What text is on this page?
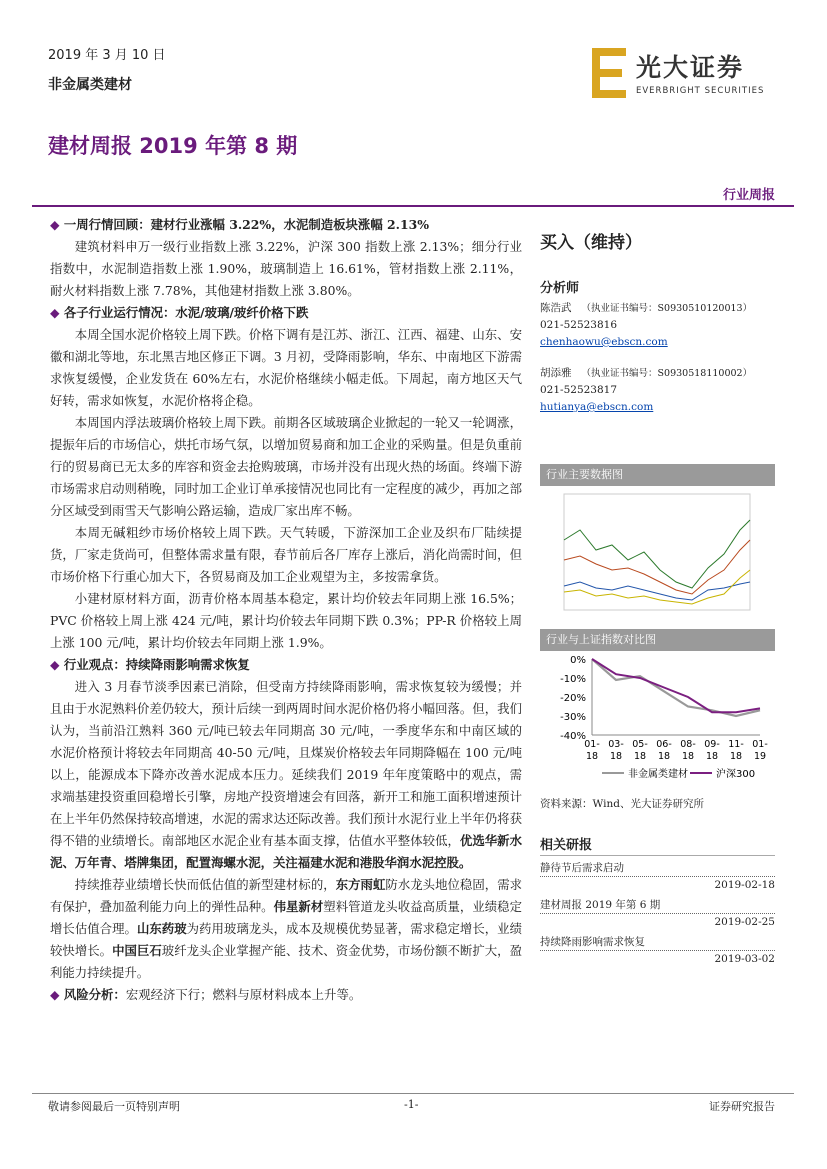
2019 年 3 月 10 日
非金属类建材
建材周报 2019 年第 8 期
光大证券
EVERBRIGHT SECURITIES
行业周报

◆ 一周行情回顾：建材行业涨幅 3.22%，水泥制造板块涨幅 2.13%

建筑材料申万一级行业指数上涨 3.22%，沪深 300 指数上涨 2.13%；细分行业指数中，水泥制造指数上涨 1.90%，玻璃制造上 16.61%，管材指数上涨 2.11%，耐火材料指数上涨 7.78%，其他建材指数上涨 3.80%。

◆ 各子行业运行情况：水泥/玻璃/玻纤价格下跌

本周全国水泥价格较上周下跌。价格下调有是江苏、浙江、江西、福建、山东、安徽和湖北等地，东北黑吉地区修正下调。3 月初，受降雨影响，华东、中南地区下游需求恢复缓慢，企业发货在 60%左右，水泥价格继续小幅走低。下周起，南方地区天气好转，需求如恢复，水泥价格将企稳。

本周国内浮法玻璃价格较上周下跌。前期各区域玻璃企业掀起的一轮又一轮调涨，提振年后的市场信心，烘托市场气氛，以增加贸易商和加工企业的采购量。但是负重前行的贸易商已无太多的库容和资金去抢购玻璃，市场并没有出现火热的场面。终端下游市场需求启动则稍晚，同时加工企业订单承接情况也同比有一定程度的减少，再加之部分区域受到雨雪天气影响公路运输，造成厂家出库不畅。

本周无碱粗纱市场价格较上周下跌。天气转暖，下游深加工企业及织布厂陆续提货，厂家走货尚可，但整体需求量有限，春节前后各厂库存上涨后，消化尚需时间，但市场价格下行重心加大下，各贸易商及加工企业观望为主，多按需拿货。

小建材原材料方面，沥青价格本周基本稳定，累计均价较去年同期上涨 16.5%；PVC 价格较上周上涨 424 元/吨，累计均价较去年同期下跌 0.3%；PP-R 价格较上周上涨 100 元/吨，累计均价较去年同期上涨 1.9%。

◆ 行业观点：持续降雨影响需求恢复

进入 3 月春节淡季因素已消除，但受南方持续降雨影响，需求恢复较为缓慢；并且由于水泥熟料价差仍较大，预计后续一到两周时间水泥价格仍将小幅回落。但，我们认为，当前沿江熟料 360 元/吨已较去年同期高 30 元/吨，一季度华东和中南区域的水泥价格预计将较去年同期高 40-50 元/吨，且煤炭价格较去年同期降幅在 100 元/吨以上，能源成本下降亦改善水泥成本压力。延续我们 2019 年年度策略中的观点，需求端基建投资重回稳增长引擎，房地产投资增速会有回落，新开工和施工面积增速预计在上半年仍然保持较高增速，水泥的需求达还际改善。我们预计水泥行业上半年仍将获得不错的业绩增长。南部地区水泥企业有基本面支撑，估值水平整体较低，优选华新水泥、万年青、塔牌集团，配置海螺水泥，关注福建水泥和港股华润水泥控股。

持续推荐业绩增长快而低估值的新型建材标的，东方雨虹防水龙头地位稳固，需求有保护，叠加盈利能力向上的弹性品种。伟星新材塑料管道龙头收益高质量，业绩稳定增长估值合理。山东药玻为药用玻璃龙头，成本及规模优势显著，需求稳定增长，业绩较快增长。中国巨石玻纤龙头企业掌握产能、技术、资金优势，市场份额不断扩大，盈利能力持续提升。

◆ 风险分析：宏观经济下行；燃料与原材料成本上升等。

买入（维持）
分析师
陈浩武 （执业证书编号：S0930510120013）
021-52523816
chenhaowu@ebscn.com
胡添雅 （执业证书编号：S0930518110002）
021-52523817
hutianya@ebscn.com
行业主要数据图
行业与上证指数对比图
0%
-10%
-20%
-30%
-40%
01-
18
03-
18
05-
18
06-
18
08-
18
09-
18
11-
18
01-
19
非金属类建材	沪深300
资料来源：Wind、光大证券研究所
相关研报
静待节后需求启动
2019-02-18
建材周报 2019 年第 6 期
2019-02-25
持续降雨影响需求恢复
2019-03-02
敬请参阅最后一页特别声明	-1-	证券研究报告
